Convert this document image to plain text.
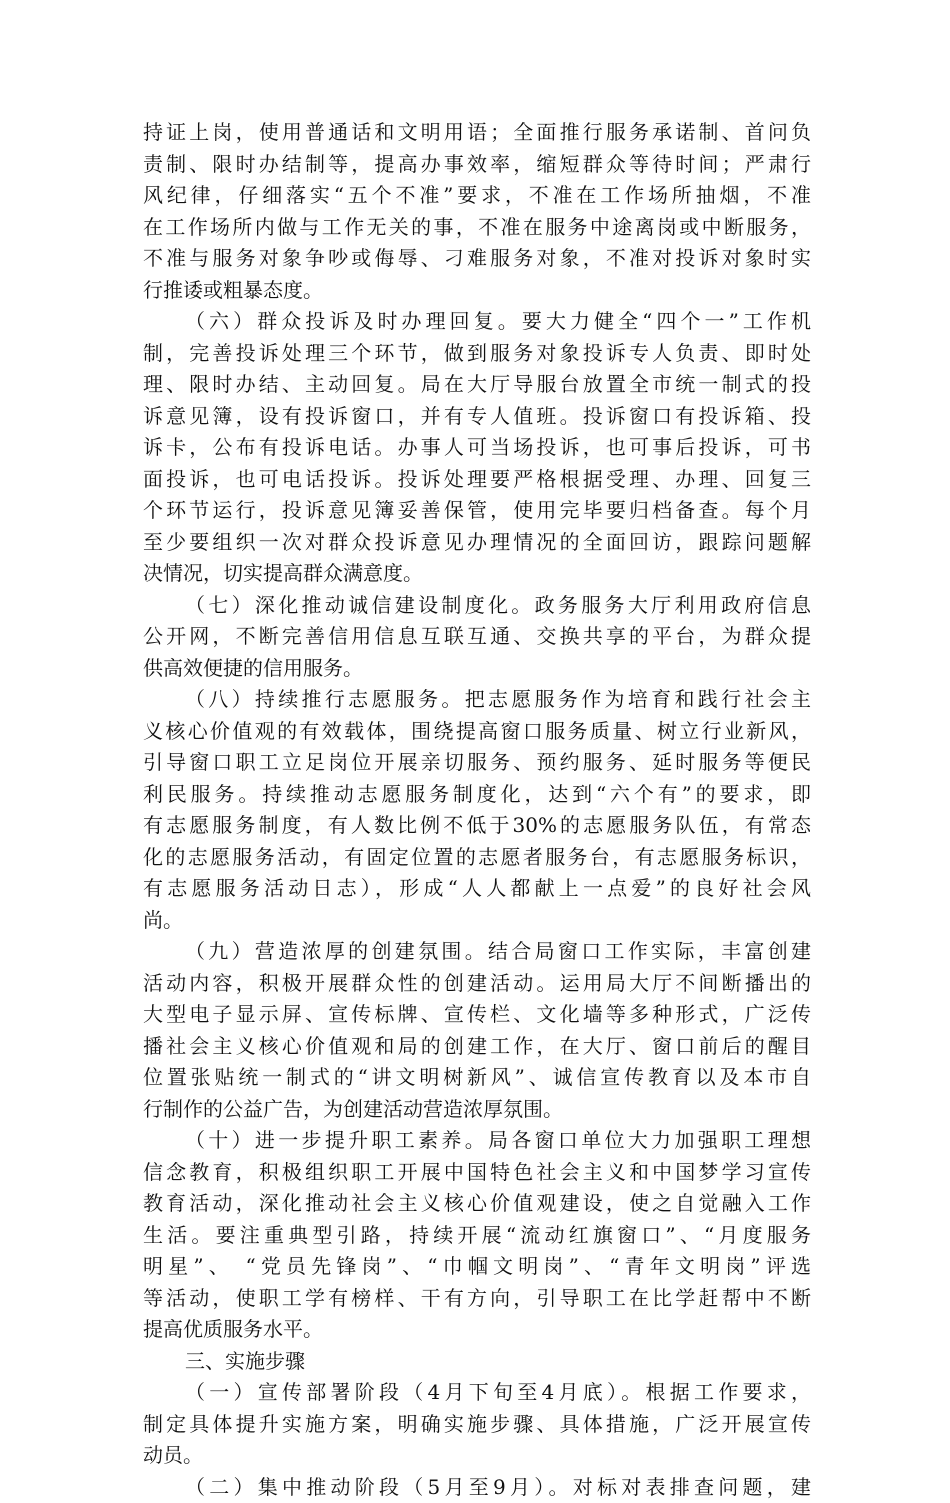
持证上岗，使用普通话和文明用语；全面推行服务承诺制、首问负
责制、限时办结制等，提高办事效率，缩短群众等待时间；严肃行
风纪律，仔细落实“五个不准”要求，不准在工作场所抽烟，不准
在工作场所内做与工作无关的事，不准在服务中途离岗或中断服务，
不准与服务对象争吵或侮辱、刁难服务对象，不准对投诉对象时实
行推诿或粗暴态度。
（六）群众投诉及时办理回复。要大力健全“四个一”工作机
制，完善投诉处理三个环节，做到服务对象投诉专人负责、即时处
理、限时办结、主动回复。局在大厅导服台放置全市统一制式的投
诉意见簿，设有投诉窗口，并有专人值班。投诉窗口有投诉箱、投
诉卡，公布有投诉电话。办事人可当场投诉，也可事后投诉，可书
面投诉，也可电话投诉。投诉处理要严格根据受理、办理、回复三
个环节运行，投诉意见簿妥善保管，使用完毕要归档备查。每个月
至少要组织一次对群众投诉意见办理情况的全面回访，跟踪问题解
决情况，切实提高群众满意度。
（七）深化推动诚信建设制度化。政务服务大厅利用政府信息
公开网，不断完善信用信息互联互通、交换共享的平台，为群众提
供高效便捷的信用服务。
（八）持续推行志愿服务。把志愿服务作为培育和践行社会主
义核心价值观的有效载体，围绕提高窗口服务质量、树立行业新风，
引导窗口职工立足岗位开展亲切服务、预约服务、延时服务等便民
利民服务。持续推动志愿服务制度化，达到“六个有”的要求，即
有志愿服务制度，有人数比例不低于30%的志愿服务队伍，有常态
化的志愿服务活动，有固定位置的志愿者服务台，有志愿服务标识，
有志愿服务活动日志），形成“人人都献上一点爱”的良好社会风
尚。
（九）营造浓厚的创建氛围。结合局窗口工作实际，丰富创建
活动内容，积极开展群众性的创建活动。运用局大厅不间断播出的
大型电子显示屏、宣传标牌、宣传栏、文化墙等多种形式，广泛传
播社会主义核心价值观和局的创建工作，在大厅、窗口前后的醒目
位置张贴统一制式的“讲文明树新风”、诚信宣传教育以及本市自
行制作的公益广告，为创建活动营造浓厚氛围。
（十）进一步提升职工素养。局各窗口单位大力加强职工理想
信念教育，积极组织职工开展中国特色社会主义和中国梦学习宣传
教育活动，深化推动社会主义核心价值观建设，使之自觉融入工作
生活。要注重典型引路，持续开展“流动红旗窗口”、“月度服务
明星”、 “党员先锋岗”、“巾帼文明岗”、“青年文明岗”评选
等活动，使职工学有榜样、干有方向，引导职工在比学赶帮中不断
提高优质服务水平。
三、实施步骤
（一）宣传部署阶段（4月下旬至4月底）。根据工作要求，
制定具体提升实施方案，明确实施步骤、具体措施，广泛开展宣传
动员。
（二）集中推动阶段（5月至9月）。对标对表排查问题，建
